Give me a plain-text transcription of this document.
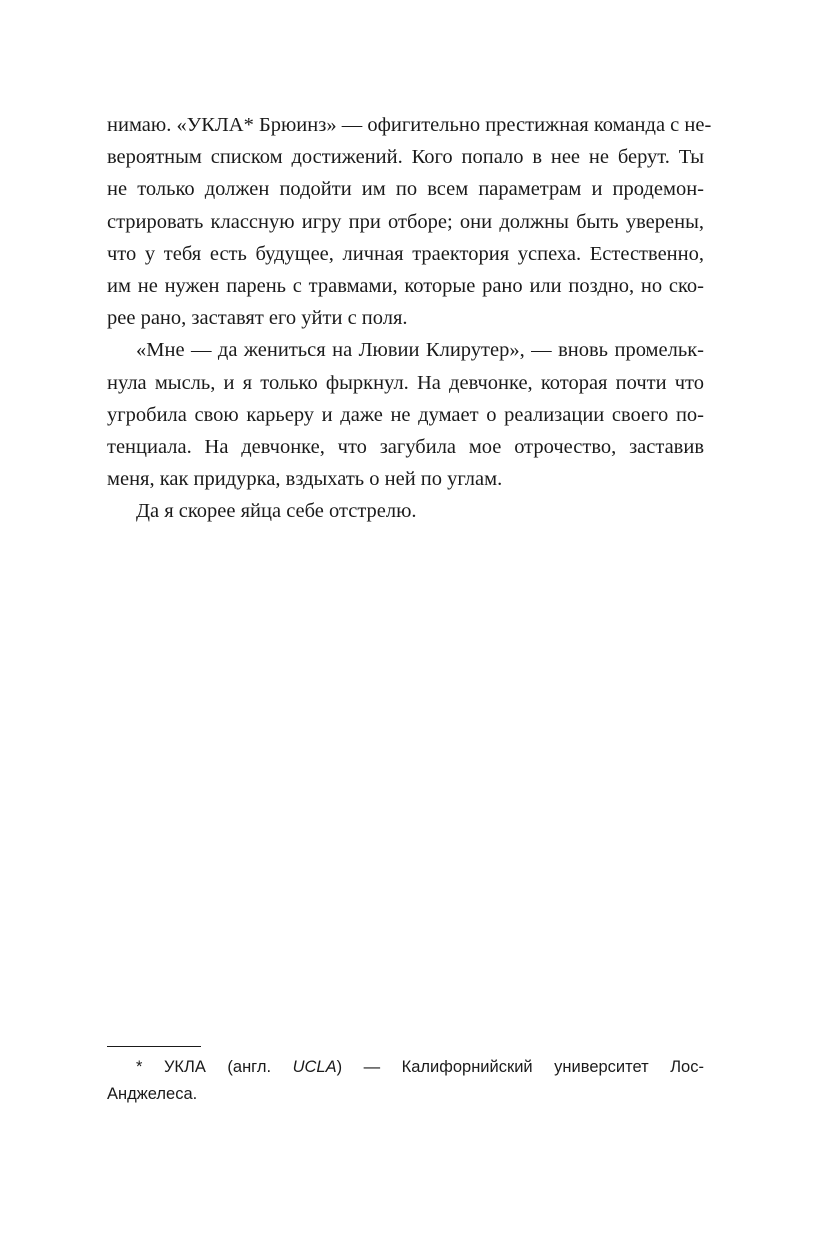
нимаю. «УКЛА* Брюинз» — офигительно престижная команда с не-
вероятным списком достижений. Кого попало в нее не берут. Ты
не только должен подойти им по всем параметрам и продемон-
стрировать классную игру при отборе; они должны быть уверены,
что у тебя есть будущее, личная траектория успеха. Естественно,
им не нужен парень с травмами, которые рано или поздно, но ско-
рее рано, заставят его уйти с поля.
«Мне — да жениться на Лювии Клирутер», — вновь промельк-
нула мысль, и я только фыркнул. На девчонке, которая почти что
угробила свою карьеру и даже не думает о реализации своего по-
тенциала. На девчонке, что загубила мое отрочество, заставив
меня, как придурка, вздыхать о ней по углам.
Да я скорее яйца себе отстрелю.
* УКЛА (англ. UCLA) — Калифорнийский университет Лос-
Анджелеса.
